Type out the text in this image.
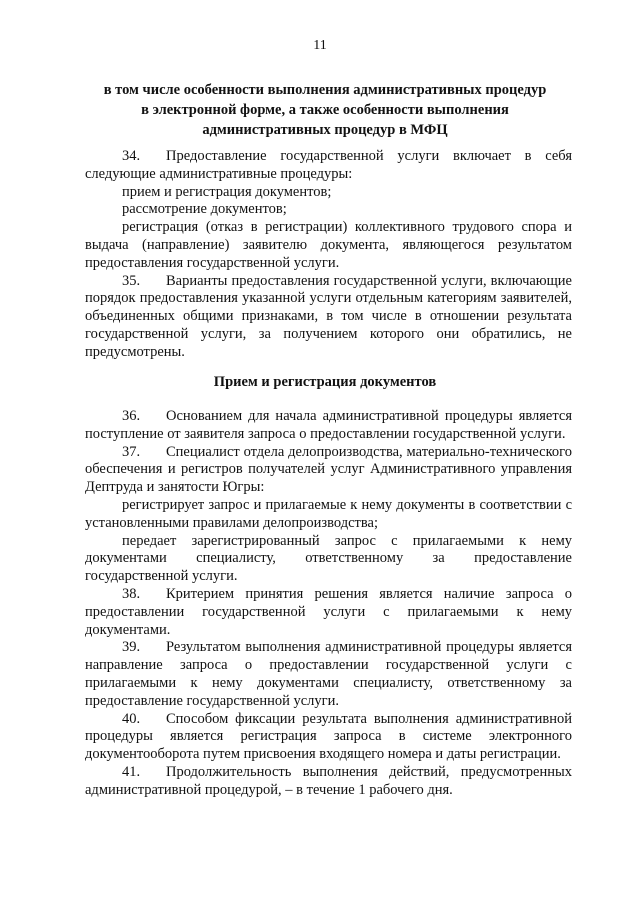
11
в том числе особенности выполнения административных процедур
в электронной форме, а также особенности выполнения
административных процедур в МФЦ

34. Предоставление государственной услуги включает в себя следующие административные процедуры:

прием и регистрация документов;

рассмотрение документов;

регистрация (отказ в регистрации) коллективного трудового спора и выдача (направление) заявителю документа, являющегося результатом предоставления государственной услуги.

35. Варианты предоставления государственной услуги, включающие порядок предоставления указанной услуги отдельным категориям заявителей, объединенных общими признаками, в том числе в отношении результата государственной услуги, за получением которого они обратились, не предусмотрены.

Прием и регистрация документов

36. Основанием для начала административной процедуры является поступление от заявителя запроса о предоставлении государственной услуги.

37. Специалист отдела делопроизводства, материально-технического обеспечения и регистров получателей услуг Административного управления Дептруда и занятости Югры:

регистрирует запрос и прилагаемые к нему документы в соответствии с установленными правилами делопроизводства;

передает зарегистрированный запрос с прилагаемыми к нему документами специалисту, ответственному за предоставление государственной услуги.

38. Критерием принятия решения является наличие запроса о предоставлении государственной услуги с прилагаемыми к нему документами.

39. Результатом выполнения административной процедуры является направление запроса о предоставлении государственной услуги с прилагаемыми к нему документами специалисту, ответственному за предоставление государственной услуги.

40. Способом фиксации результата выполнения административной процедуры является регистрация запроса в системе электронного документооборота путем присвоения входящего номера и даты регистрации.

41. Продолжительность выполнения действий, предусмотренных административной процедурой, – в течение 1 рабочего дня.
